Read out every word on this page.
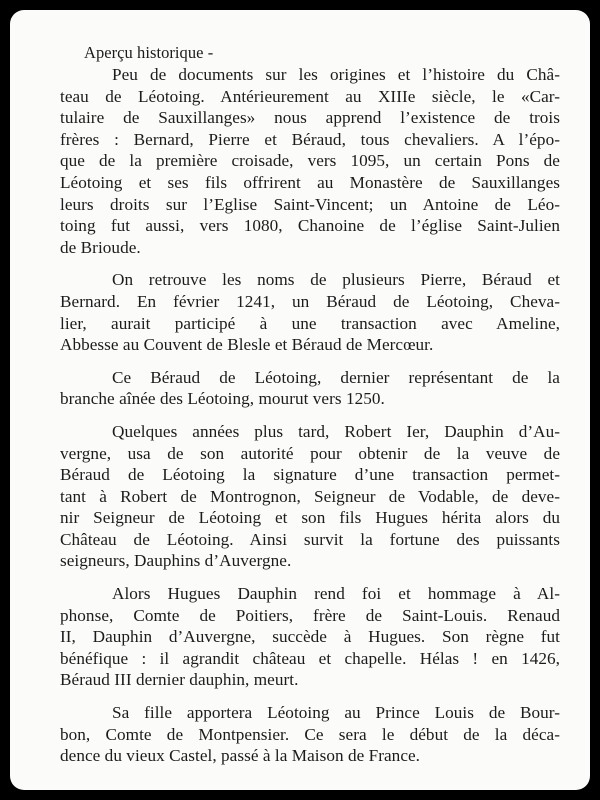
Aperçu historique -
Peu de documents sur les origines et l’histoire du Châ-
teau de Léotoing. Antérieurement au XIIIe siècle, le «Car-
tulaire de Sauxillanges» nous apprend l’existence de trois
frères : Bernard, Pierre et Béraud, tous chevaliers. A l’épo-
que de la première croisade, vers 1095, un certain Pons de
Léotoing et ses fils offrirent au Monastère de Sauxillanges
leurs droits sur l’Eglise Saint-Vincent; un Antoine de Léo-
toing fut aussi, vers 1080, Chanoine de l’église Saint-Julien
de Brioude.
On retrouve les noms de plusieurs Pierre, Béraud et
Bernard. En février 1241, un Béraud de Léotoing, Cheva-
lier, aurait participé à une transaction avec Ameline,
Abbesse au Couvent de Blesle et Béraud de Mercœur.
Ce Béraud de Léotoing, dernier représentant de la
branche aînée des Léotoing, mourut vers 1250.
Quelques années plus tard, Robert Ier, Dauphin d’Au-
vergne, usa de son autorité pour obtenir de la veuve de
Béraud de Léotoing la signature d’une transaction permet-
tant à Robert de Montrognon, Seigneur de Vodable, de deve-
nir Seigneur de Léotoing et son fils Hugues hérita alors du
Château de Léotoing. Ainsi survit la fortune des puissants
seigneurs, Dauphins d’Auvergne.
Alors Hugues Dauphin rend foi et hommage à Al-
phonse, Comte de Poitiers, frère de Saint-Louis. Renaud
II, Dauphin d’Auvergne, succède à Hugues. Son règne fut
bénéfique : il agrandit château et chapelle. Hélas ! en 1426,
Béraud III dernier dauphin, meurt.
Sa fille apportera Léotoing au Prince Louis de Bour-
bon, Comte de Montpensier. Ce sera le début de la déca-
dence du vieux Castel, passé à la Maison de France.
